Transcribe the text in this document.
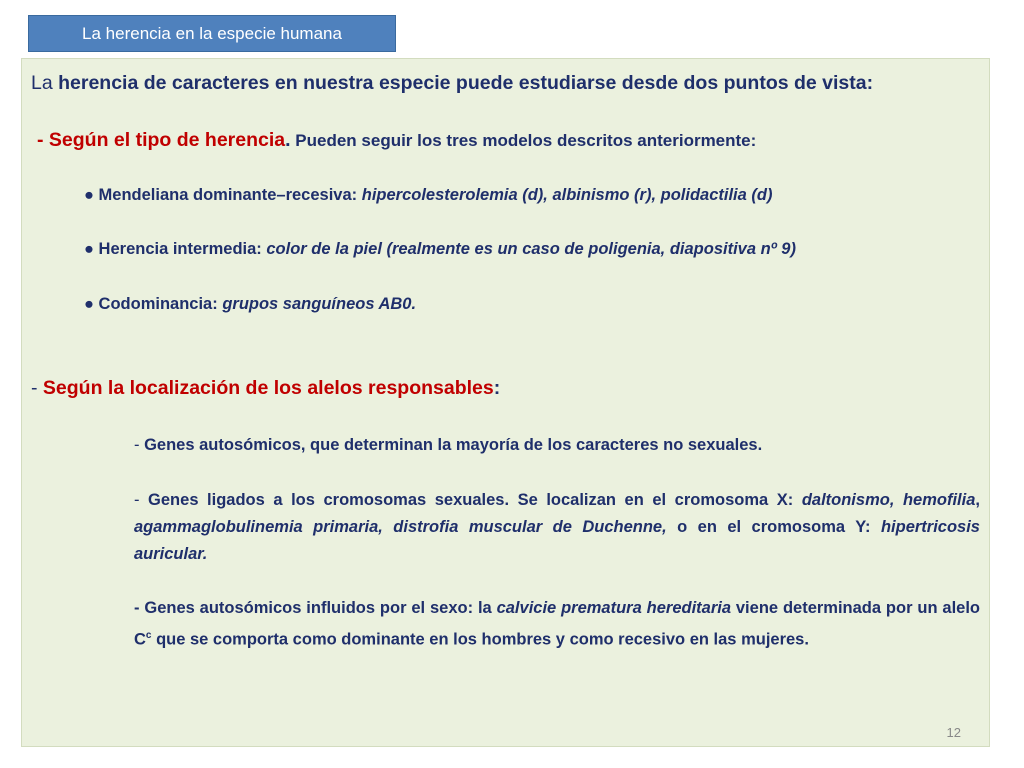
La herencia en la especie humana
La herencia de caracteres en nuestra especie puede estudiarse desde dos puntos de vista:
- Según el tipo de herencia. Pueden seguir los tres modelos descritos anteriormente:
● Mendeliana dominante–recesiva: hipercolesterolemia (d), albinismo (r), polidactilia (d)
● Herencia intermedia: color de la piel (realmente es un caso de poligenia, diapositiva nº 9)
● Codominancia: grupos sanguíneos AB0.
- Según la localización de los alelos responsables:
- Genes autosómicos, que determinan la mayoría de los caracteres no sexuales.
- Genes ligados a los cromosomas sexuales. Se localizan en el cromosoma X: daltonismo, hemofilia, agammaglobulinemia primaria, distrofia muscular de Duchenne, o en el cromosoma Y: hipertricosis auricular.
- Genes autosómicos influidos por el sexo: la calvicie prematura hereditaria viene determinada por un alelo $C^c$ que se comporta como dominante en los hombres y como recesivo en las mujeres.
12
